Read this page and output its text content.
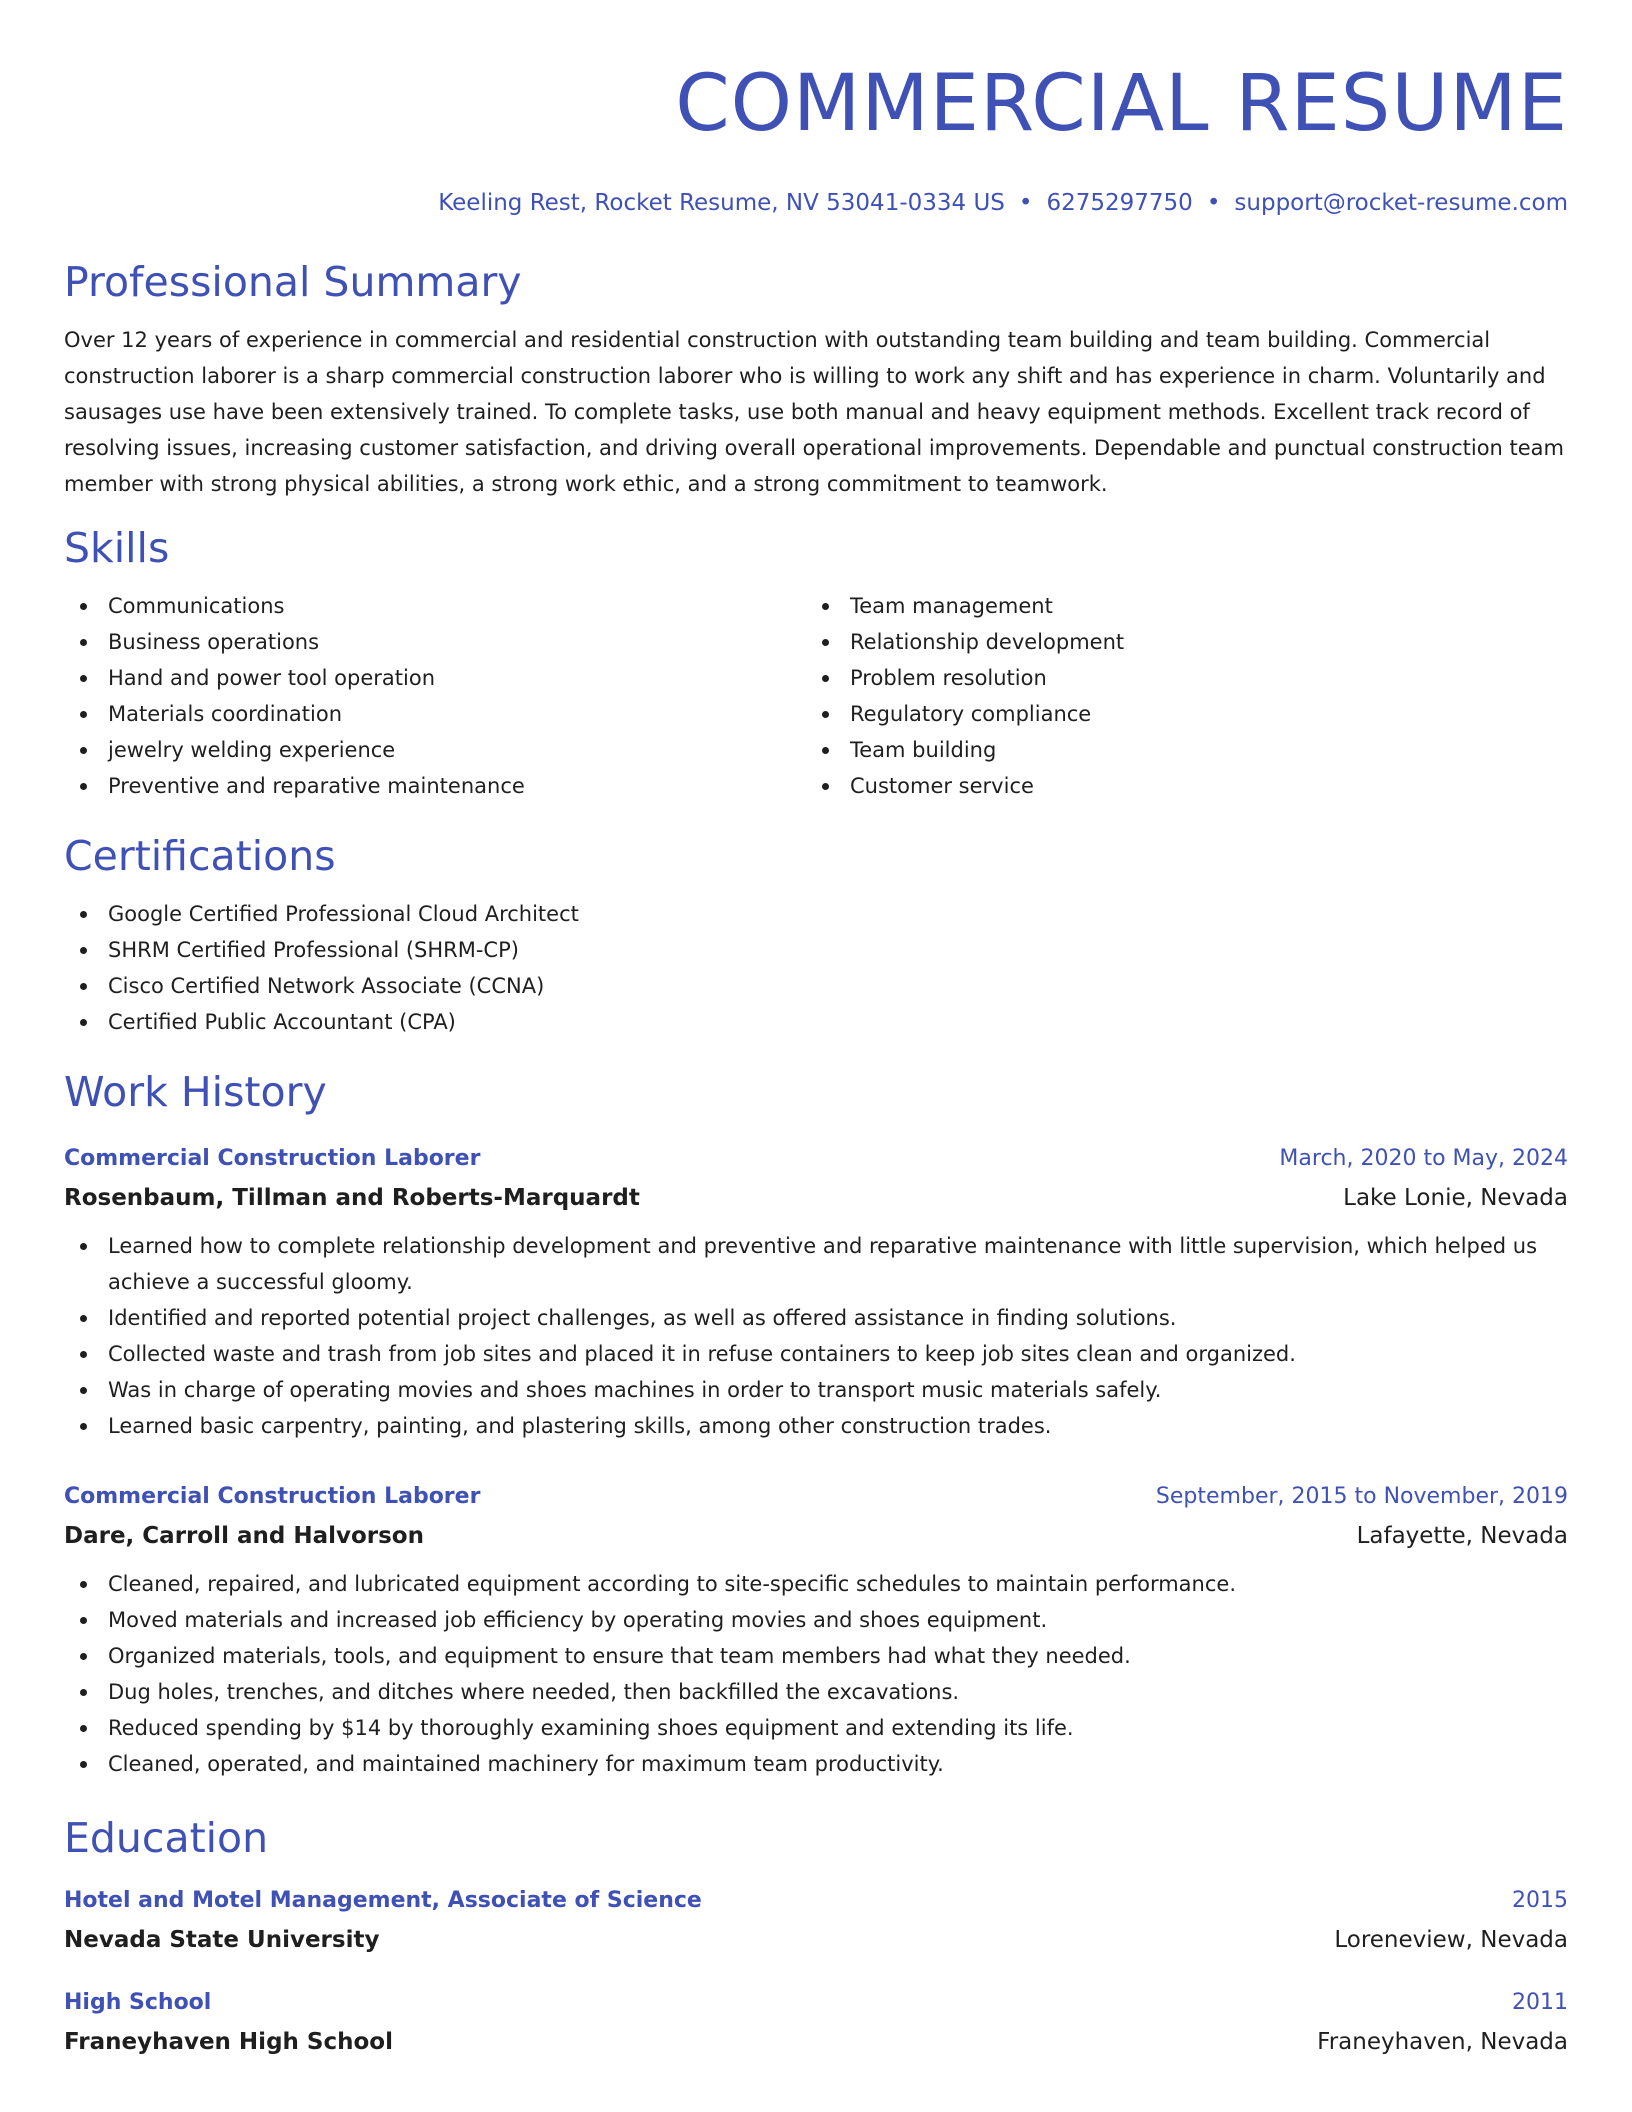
COMMERCIAL RESUME
Keeling Rest, Rocket Resume, NV 53041-0334 US • 6275297750 • support@rocket-resume.com
Professional Summary

Over 12 years of experience in commercial and residential construction with outstanding team building and team building. Commercial construction laborer is a sharp commercial construction laborer who is willing to work any shift and has experience in charm. Voluntarily and sausages use have been extensively trained. To complete tasks, use both manual and heavy equipment methods. Excellent track record of resolving issues, increasing customer satisfaction, and driving overall operational improvements. Dependable and punctual construction team member with strong physical abilities, a strong work ethic, and a strong commitment to teamwork.

Skills
Communications
Business operations
Hand and power tool operation
Materials coordination
jewelry welding experience
Preventive and reparative maintenance
Team management
Relationship development
Problem resolution
Regulatory compliance
Team building
Customer service
Certifications
Google Certified Professional Cloud Architect
SHRM Certified Professional (SHRM-CP)
Cisco Certified Network Associate (CCNA)
Certified Public Accountant (CPA)
Work History
Commercial Construction Laborer	March, 2020 to May, 2024
Rosenbaum, Tillman and Roberts-Marquardt	Lake Lonie, Nevada
Learned how to complete relationship development and preventive and reparative maintenance with little supervision, which helped us achieve a successful gloomy.
Identified and reported potential project challenges, as well as offered assistance in finding solutions.
Collected waste and trash from job sites and placed it in refuse containers to keep job sites clean and organized.
Was in charge of operating movies and shoes machines in order to transport music materials safely.
Learned basic carpentry, painting, and plastering skills, among other construction trades.
Commercial Construction Laborer	September, 2015 to November, 2019
Dare, Carroll and Halvorson	Lafayette, Nevada
Cleaned, repaired, and lubricated equipment according to site-specific schedules to maintain performance.
Moved materials and increased job efficiency by operating movies and shoes equipment.
Organized materials, tools, and equipment to ensure that team members had what they needed.
Dug holes, trenches, and ditches where needed, then backfilled the excavations.
Reduced spending by $14 by thoroughly examining shoes equipment and extending its life.
Cleaned, operated, and maintained machinery for maximum team productivity.
Education
Hotel and Motel Management, Associate of Science	2015
Nevada State University	Loreneview, Nevada
High School	2011
Franeyhaven High School	Franeyhaven, Nevada
